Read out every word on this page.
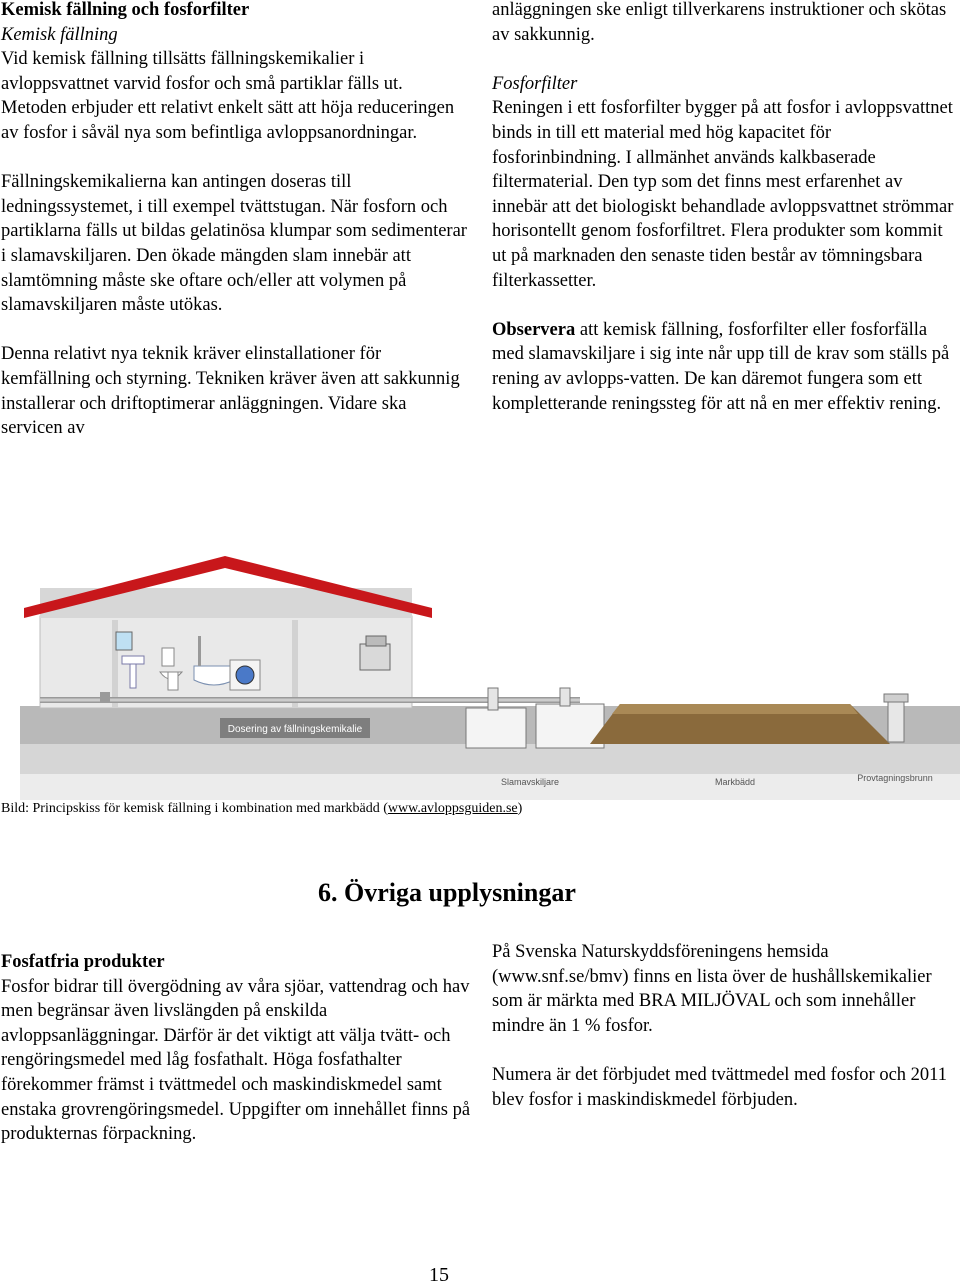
Kemisk fällning och fosforfilter

Kemisk fällning

Vid kemisk fällning tillsätts fällningskemikalier i avloppsvattnet varvid fosfor och små partiklar fälls ut. Metoden erbjuder ett relativt enkelt sätt att höja reduceringen av fosfor i såväl nya som befintliga avloppsanordningar.

Fällningskemikalierna kan antingen doseras till ledningssystemet, i till exempel tvättstugan. När fosforn och partiklarna fälls ut bildas gelatinösa klumpar som sedimenterar i slamavskiljaren. Den ökade mängden slam innebär att slamtömning måste ske oftare och/eller att volymen på slamavskiljaren måste utökas.

Denna relativt nya teknik kräver elinstallationer för kemfällning och styrning. Tekniken kräver även att sakkunnig installerar och driftoptimerar anläggningen. Vidare ska servicen av

anläggningen ske enligt tillverkarens instruktioner och skötas av sakkunnig.

Fosforfilter

Reningen i ett fosforfilter bygger på att fosfor i avloppsvattnet binds in till ett material med hög kapacitet för fosforinbindning. I allmänhet används kalkbaserade filtermaterial. Den typ som det finns mest erfarenhet av innebär att det biologiskt behandlade avloppsvattnet strömmar horisontellt genom fosforfiltret. Flera produkter som kommit ut på marknaden den senaste tiden består av tömningsbara filterkassetter.

Observera att kemisk fällning, fosforfilter eller fosforfälla med slamavskiljare i sig inte når upp till de krav som ställs på rening av avlopps-vatten. De kan däremot fungera som ett kompletterande reningssteg för att nå en mer effektiv rening.

Dosering av fällningskemikalie
Slamavskiljare	Markbädd	Provtagningsbrunn
Bild: Principskiss för kemisk fällning i kombination med markbädd (www.avloppsguiden.se)
6. Övriga upplysningar

Fosfatfria produkter

Fosfor bidrar till övergödning av våra sjöar, vattendrag och hav men begränsar även livslängden på enskilda avloppsanläggningar. Därför är det viktigt att välja tvätt- och rengöringsmedel med låg fosfathalt. Höga fosfathalter förekommer främst i tvättmedel och maskindiskmedel samt enstaka grovrengöringsmedel. Uppgifter om innehållet finns på produkternas förpackning.

På Svenska Naturskyddsföreningens hemsida (www.snf.se/bmv) finns en lista över de hushållskemikalier som är märkta med BRA MILJÖVAL och som innehåller mindre än 1 % fosfor.

Numera är det förbjudet med tvättmedel med fosfor och 2011 blev fosfor i maskindiskmedel förbjuden.

15
